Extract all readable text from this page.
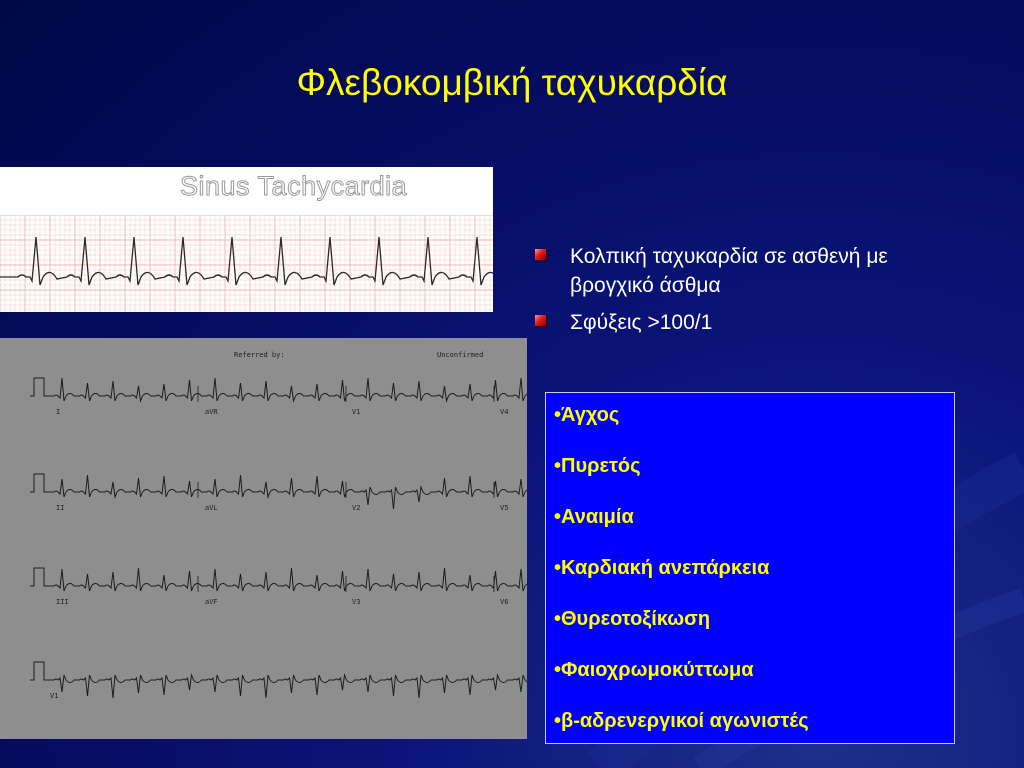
Φλεβοκομβική ταχυκαρδία
Sinus Tachycardia
Κολπική ταχυκαρδία σε ασθενή με βρογχικό άσθμα
Σφύξεις >100/1
Referred by:	Unconfirmed
I	aVR	V1	V4
II	aVL	V2	V5
III	aVF	V3	V6
V1
•Άγχος
•Πυρετός
•Αναιμία
•Καρδιακή ανεπάρκεια
•Θυρεοτοξίκωση
•Φαιοχρωμοκύττωμα
•β-αδρενεργικοί αγωνιστές
